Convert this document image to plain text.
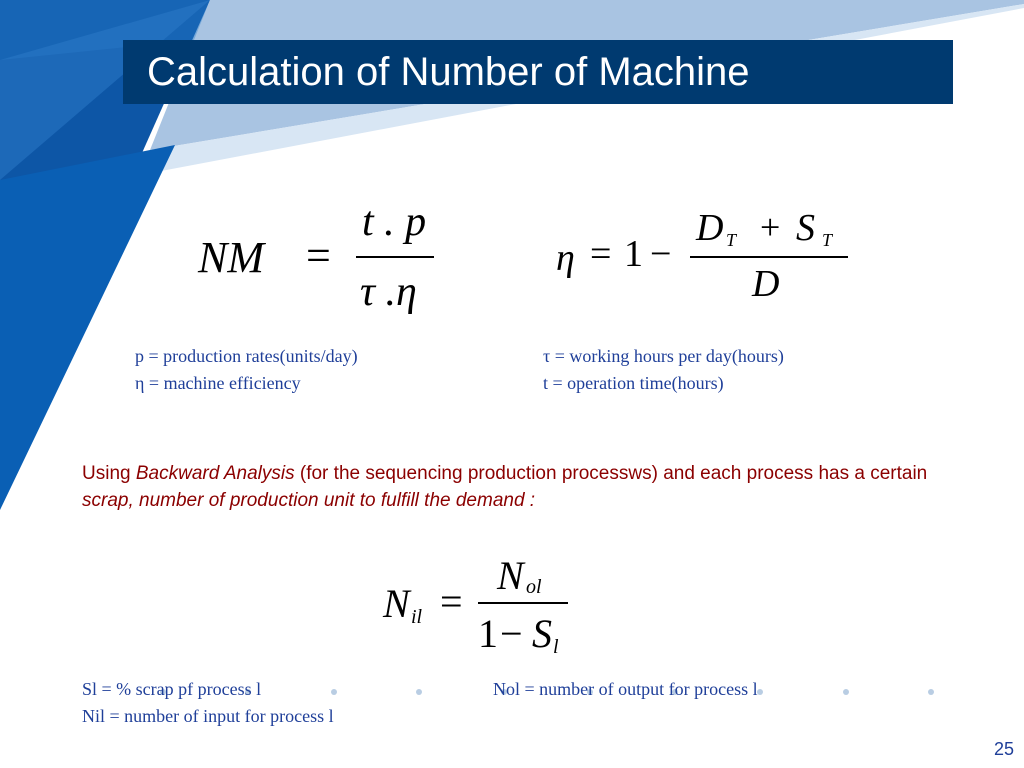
Calculation of Number of Machine
NM =
t . p
τ .η
η = 1 −
D T + S T
D
p = production rates(units/day)
η = machine efficiency
τ = working hours per day(hours)
t = operation time(hours)
Using Backward Analysis (for the sequencing production processws) and each process has a certain scrap, number of production unit to fulfill the demand :
N il =
N ol
1 − S l
Sl = % scrap pf process l
Nil = number of input for process l
Nol = number of output for process l
25
